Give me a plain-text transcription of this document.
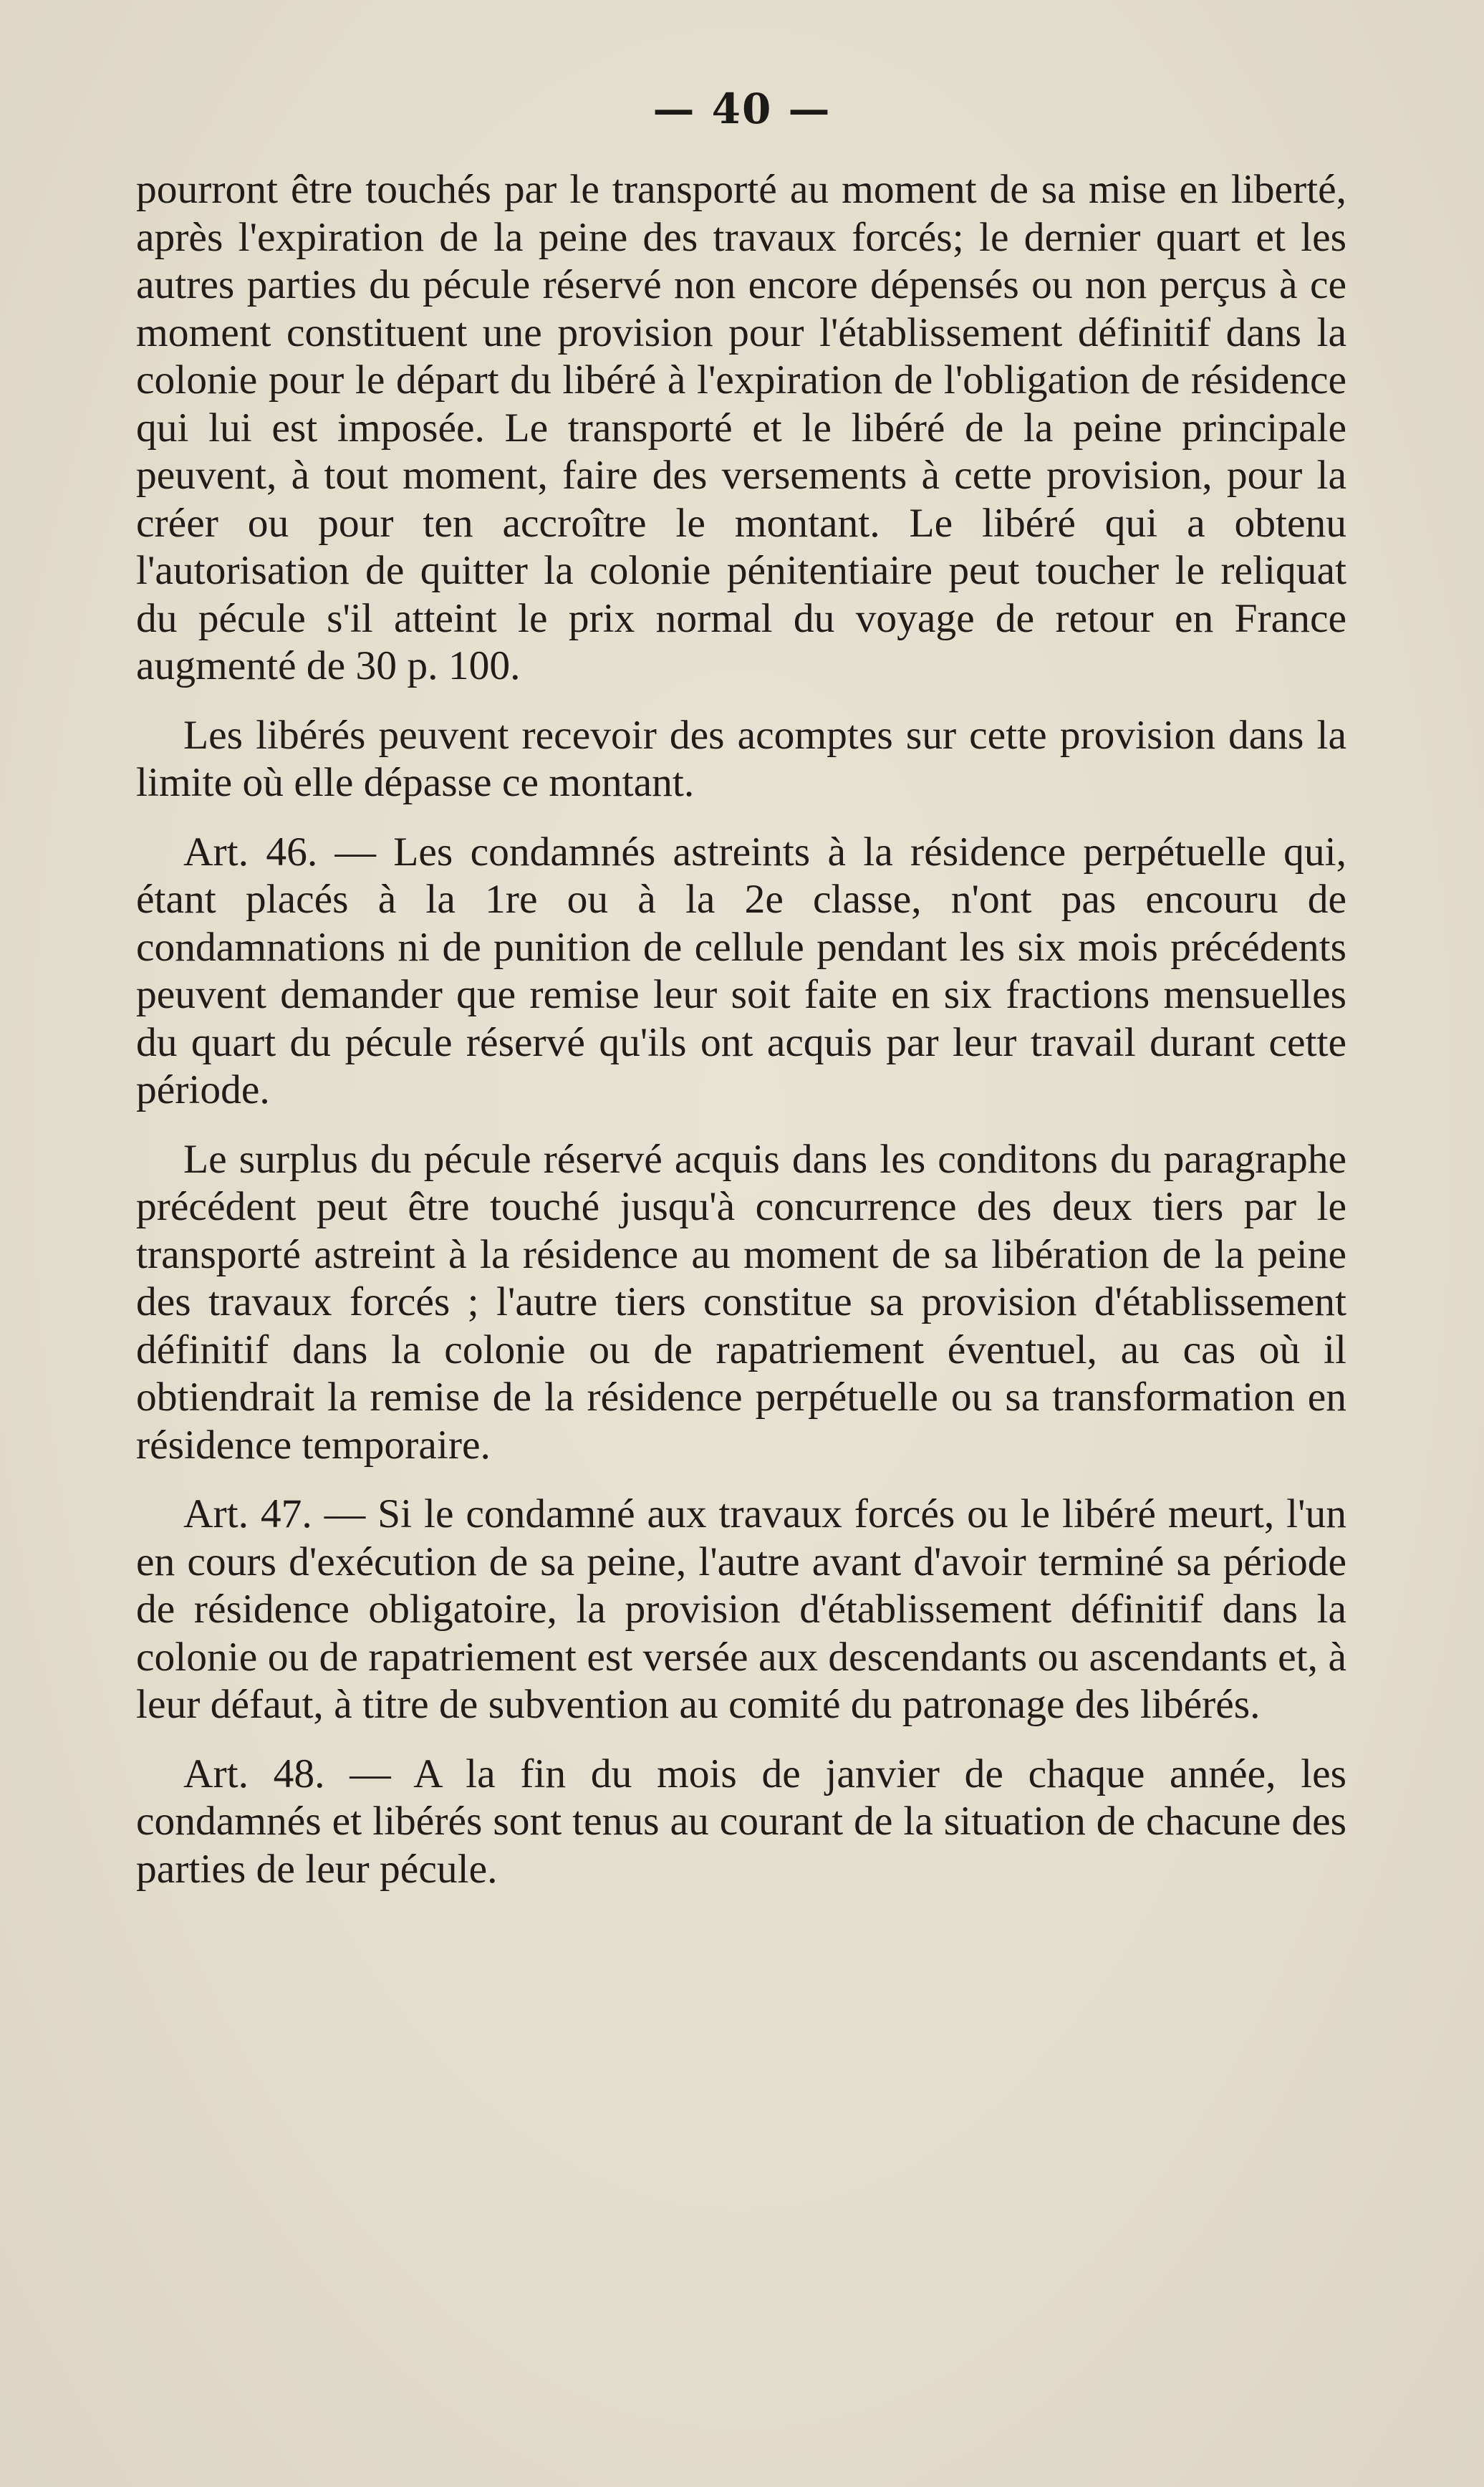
— 40 —

pourront être touchés par le transporté au moment de sa mise en liberté, après l'expiration de la peine des travaux forcés; le dernier quart et les autres parties du pécule réservé non encore dépensés ou non perçus à ce moment constituent une provision pour l'établissement définitif dans la colonie pour le départ du libéré à l'expiration de l'obligation de résidence qui lui est imposée. Le transporté et le libéré de la peine principale peuvent, à tout moment, faire des versements à cette provision, pour la créer ou pour ten accroître le montant. Le libéré qui a obtenu l'autorisation de quitter la colonie pénitentiaire peut toucher le reliquat du pécule s'il atteint le prix normal du voyage de retour en France augmenté de 30 p. 100.

Les libérés peuvent recevoir des acomptes sur cette provision dans la limite où elle dépasse ce montant.

Art. 46. — Les condamnés astreints à la résidence perpétuelle qui, étant placés à la 1re ou à la 2e classe, n'ont pas encouru de condamnations ni de punition de cellule pendant les six mois précédents peuvent demander que remise leur soit faite en six fractions mensuelles du quart du pécule réservé qu'ils ont acquis par leur travail durant cette période.

Le surplus du pécule réservé acquis dans les conditons du paragraphe précédent peut être touché jusqu'à concurrence des deux tiers par le transporté astreint à la résidence au moment de sa libération de la peine des travaux forcés ; l'autre tiers constitue sa provision d'établissement définitif dans la colonie ou de rapatriement éventuel, au cas où il obtiendrait la remise de la résidence perpétuelle ou sa transformation en résidence temporaire.

Art. 47. — Si le condamné aux travaux forcés ou le libéré meurt, l'un en cours d'exécution de sa peine, l'autre avant d'avoir terminé sa période de résidence obligatoire, la provision d'établissement définitif dans la colonie ou de rapatriement est versée aux descendants ou ascendants et, à leur défaut, à titre de subvention au comité du patronage des libérés.

Art. 48. — A la fin du mois de janvier de chaque année, les condamnés et libérés sont tenus au courant de la situation de chacune des parties de leur pécule.
